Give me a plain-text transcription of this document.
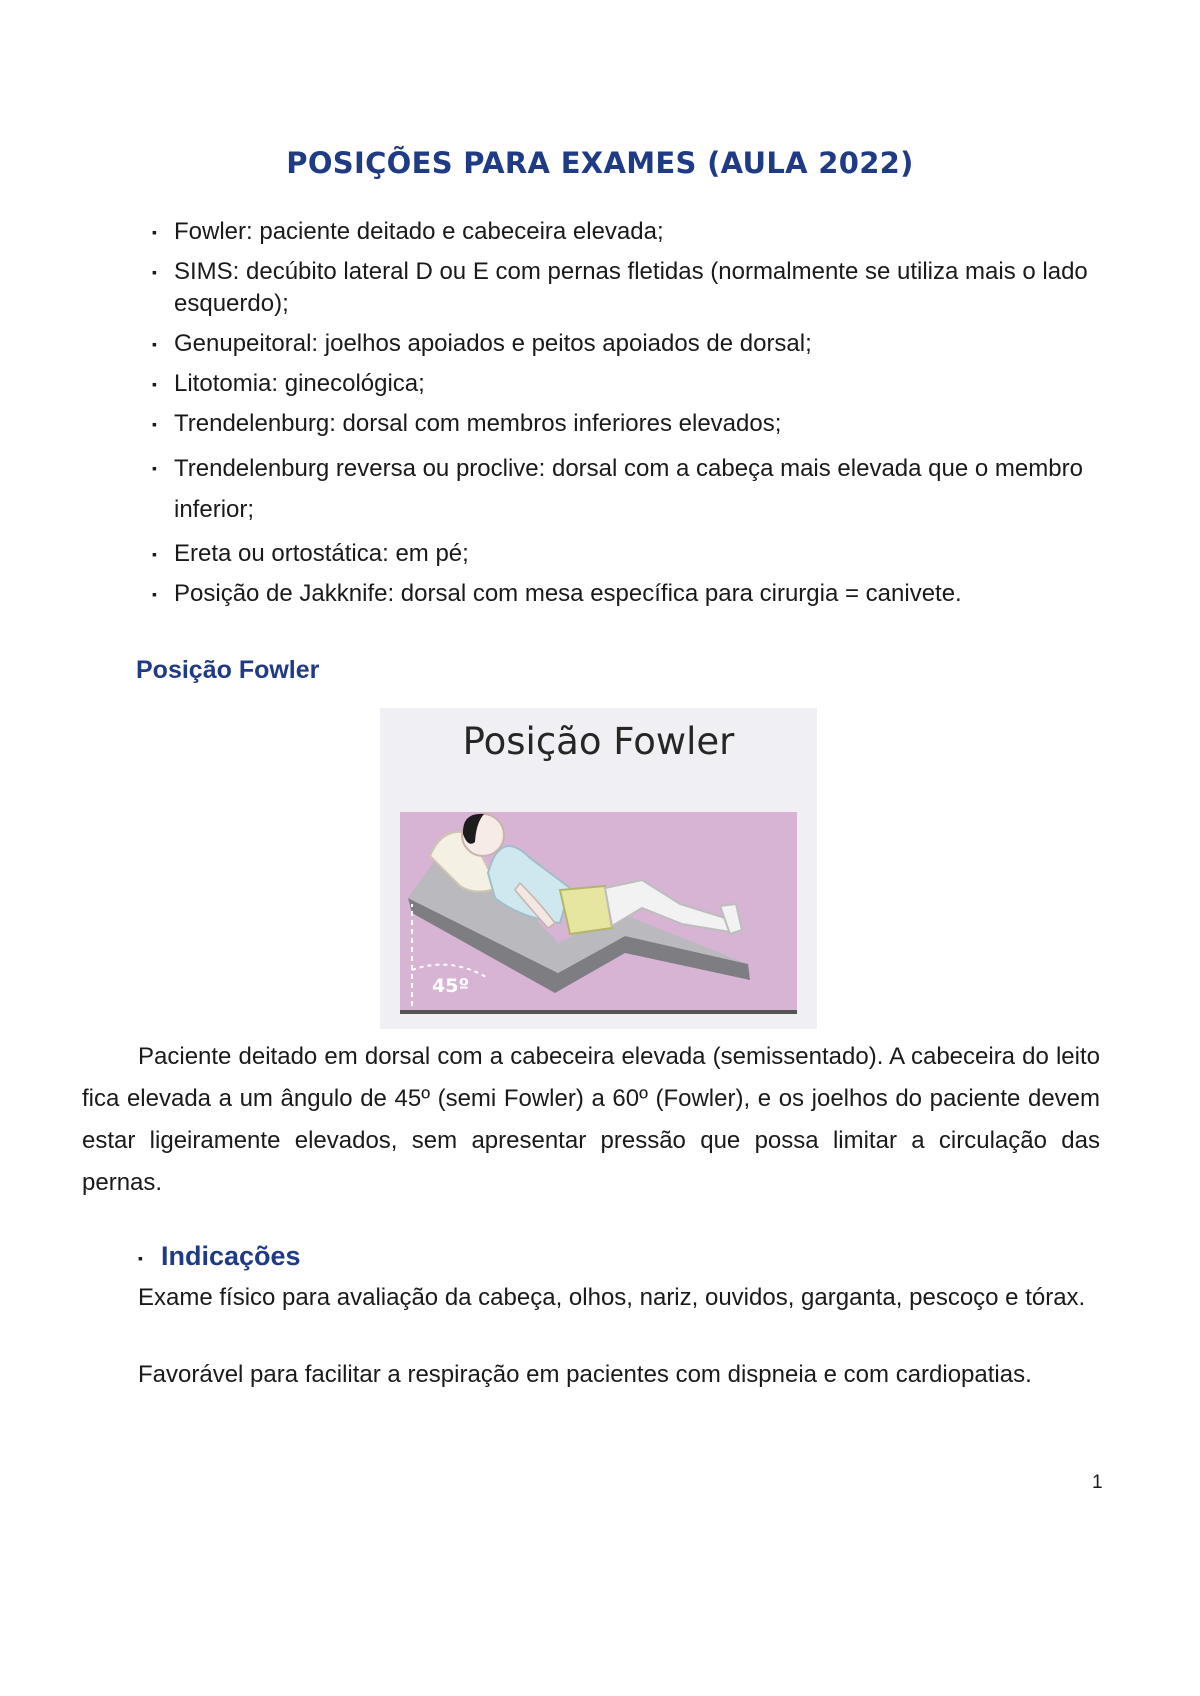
POSIÇÕES PARA EXAMES (AULA 2022)
▪ Fowler: paciente deitado e cabeceira elevada;
▪ SIMS: decúbito lateral D ou E com pernas fletidas (normalmente se utiliza mais o lado esquerdo);
▪ Genupeitoral: joelhos apoiados e peitos apoiados de dorsal;
▪ Litotomia: ginecológica;
▪ Trendelenburg: dorsal com membros inferiores elevados;
▪ Trendelenburg reversa ou proclive: dorsal com a cabeça mais elevada que o membro inferior;
▪ Ereta ou ortostática: em pé;
▪ Posição de Jakknife: dorsal com mesa específica para cirurgia = canivete.
Posição Fowler
Posição Fowler
45º

Paciente deitado em dorsal com a cabeceira elevada (semissentado). A cabeceira do leito fica elevada a um ângulo de 45º (semi Fowler) a 60º (Fowler), e os joelhos do paciente devem estar ligeiramente elevados, sem apresentar pressão que possa limitar a circulação das pernas.

▪ Indicações

Exame físico para avaliação da cabeça, olhos, nariz, ouvidos, garganta, pescoço e tórax.

Favorável para facilitar a respiração em pacientes com dispneia e com cardiopatias.

1
